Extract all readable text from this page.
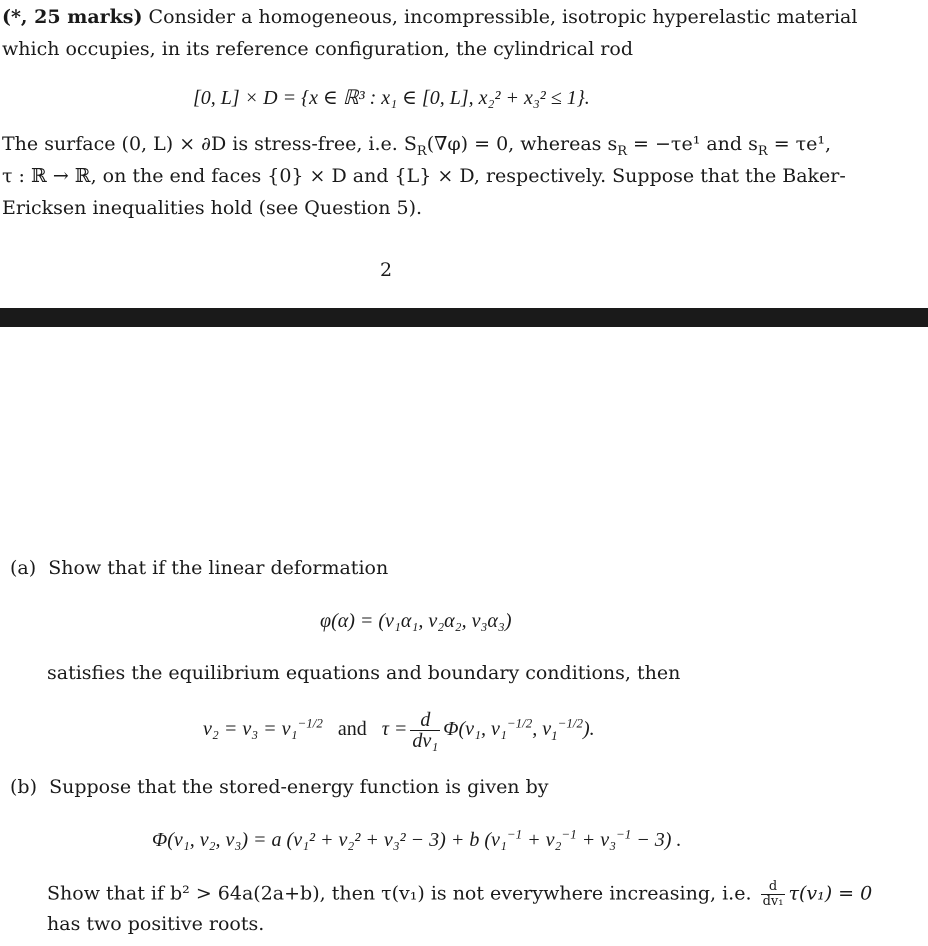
(*, 25 marks) Consider a homogeneous, incompressible, isotropic hyperelastic material
which occupies, in its reference configuration, the cylindrical rod
[0, L] × D = {x ∈ ℝ³ : x₁ ∈ [0, L], x₂² + x₃² ≤ 1}.
The surface (0, L) × ∂D is stress-free, i.e. $S_R(\nabla\varphi) = 0$, whereas $s_R = -\tau e^1$ and $s_R = \tau e^1$,
τ : ℝ → ℝ, on the end faces {0} × D and {L} × D, respectively. Suppose that the Baker-
Ericksen inequalities hold (see Question 5).
2
(a) Show that if the linear deformation
φ(α) = (v₁α₁, v₂α₂, v₃α₃)
satisfies the equilibrium equations and boundary conditions, then
v₂ = v₃ = v₁$^{-1/2}$ and $\tau = \frac{d}{\text{dv₁}} \Phi(v_1$, v₁$^{-1/2}$, $v_1^{-1/2}$).
(b) Suppose that the stored-energy function is given by
Φ(v₁, v₂, v₃) = a (v₁² + v₂² + v₃² − 3) + b (v₁$^{-1}$ + v₂$^{-1}$ + v₃$^{-1}$ − 3) .
Show that if b² > 64a(2a+b), then τ(v₁) is not everywhere increasing, i.e. $\frac{d}{\text{dv₁}} \tau(v_1) = 0$
has two positive roots.
